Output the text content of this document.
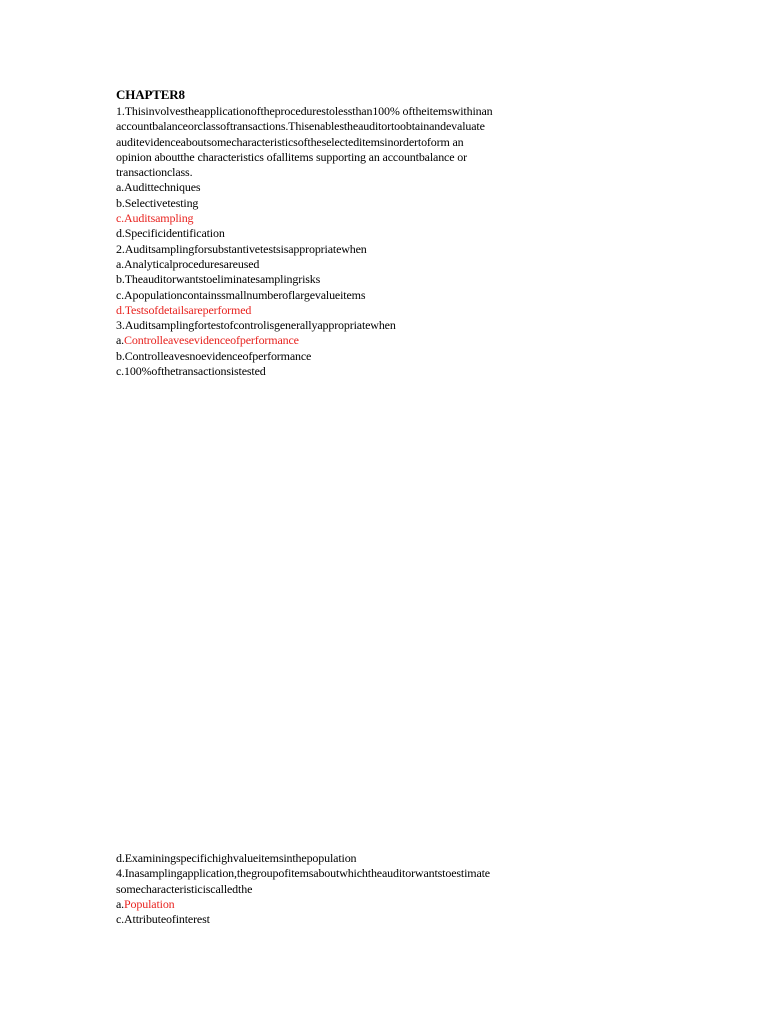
CHAPTER8
1.Thisinvolvestheapplicationoftheprocedurestolessthan100% oftheitemswithinan
accountbalanceorclassoftransactions.Thisenablestheauditortoobtainandevaluate
auditevidenceaboutsomecharacteristicsoftheselecteditemsinordertoform an
opinion aboutthe characteristics ofallitems supporting an accountbalance or
transactionclass.
a.Audittechniques
b.Selectivetesting
c.Auditsampling
d.Specificidentification
2.Auditsamplingforsubstantivetestsisappropriatewhen
a.Analyticalproceduresareused
b.Theauditorwantstoeliminatesamplingrisks
c.Apopulationcontainssmallnumberoflargevalueitems
d.Testsofdetailsareperformed
3.Auditsamplingfortestofcontrolisgenerallyappropriatewhen
a.Controlleavesevidenceofperformance
b.Controlleavesnoevidenceofperformance
c.100%ofthetransactionsistested
d.Examiningspecifichighvalueitemsinthepopulation
4.Inasamplingapplication,thegroupofitemsaboutwhichtheauditorwantstoestimate
somecharacteristiciscalledthe
a.Population
c.Attributeofinterest
